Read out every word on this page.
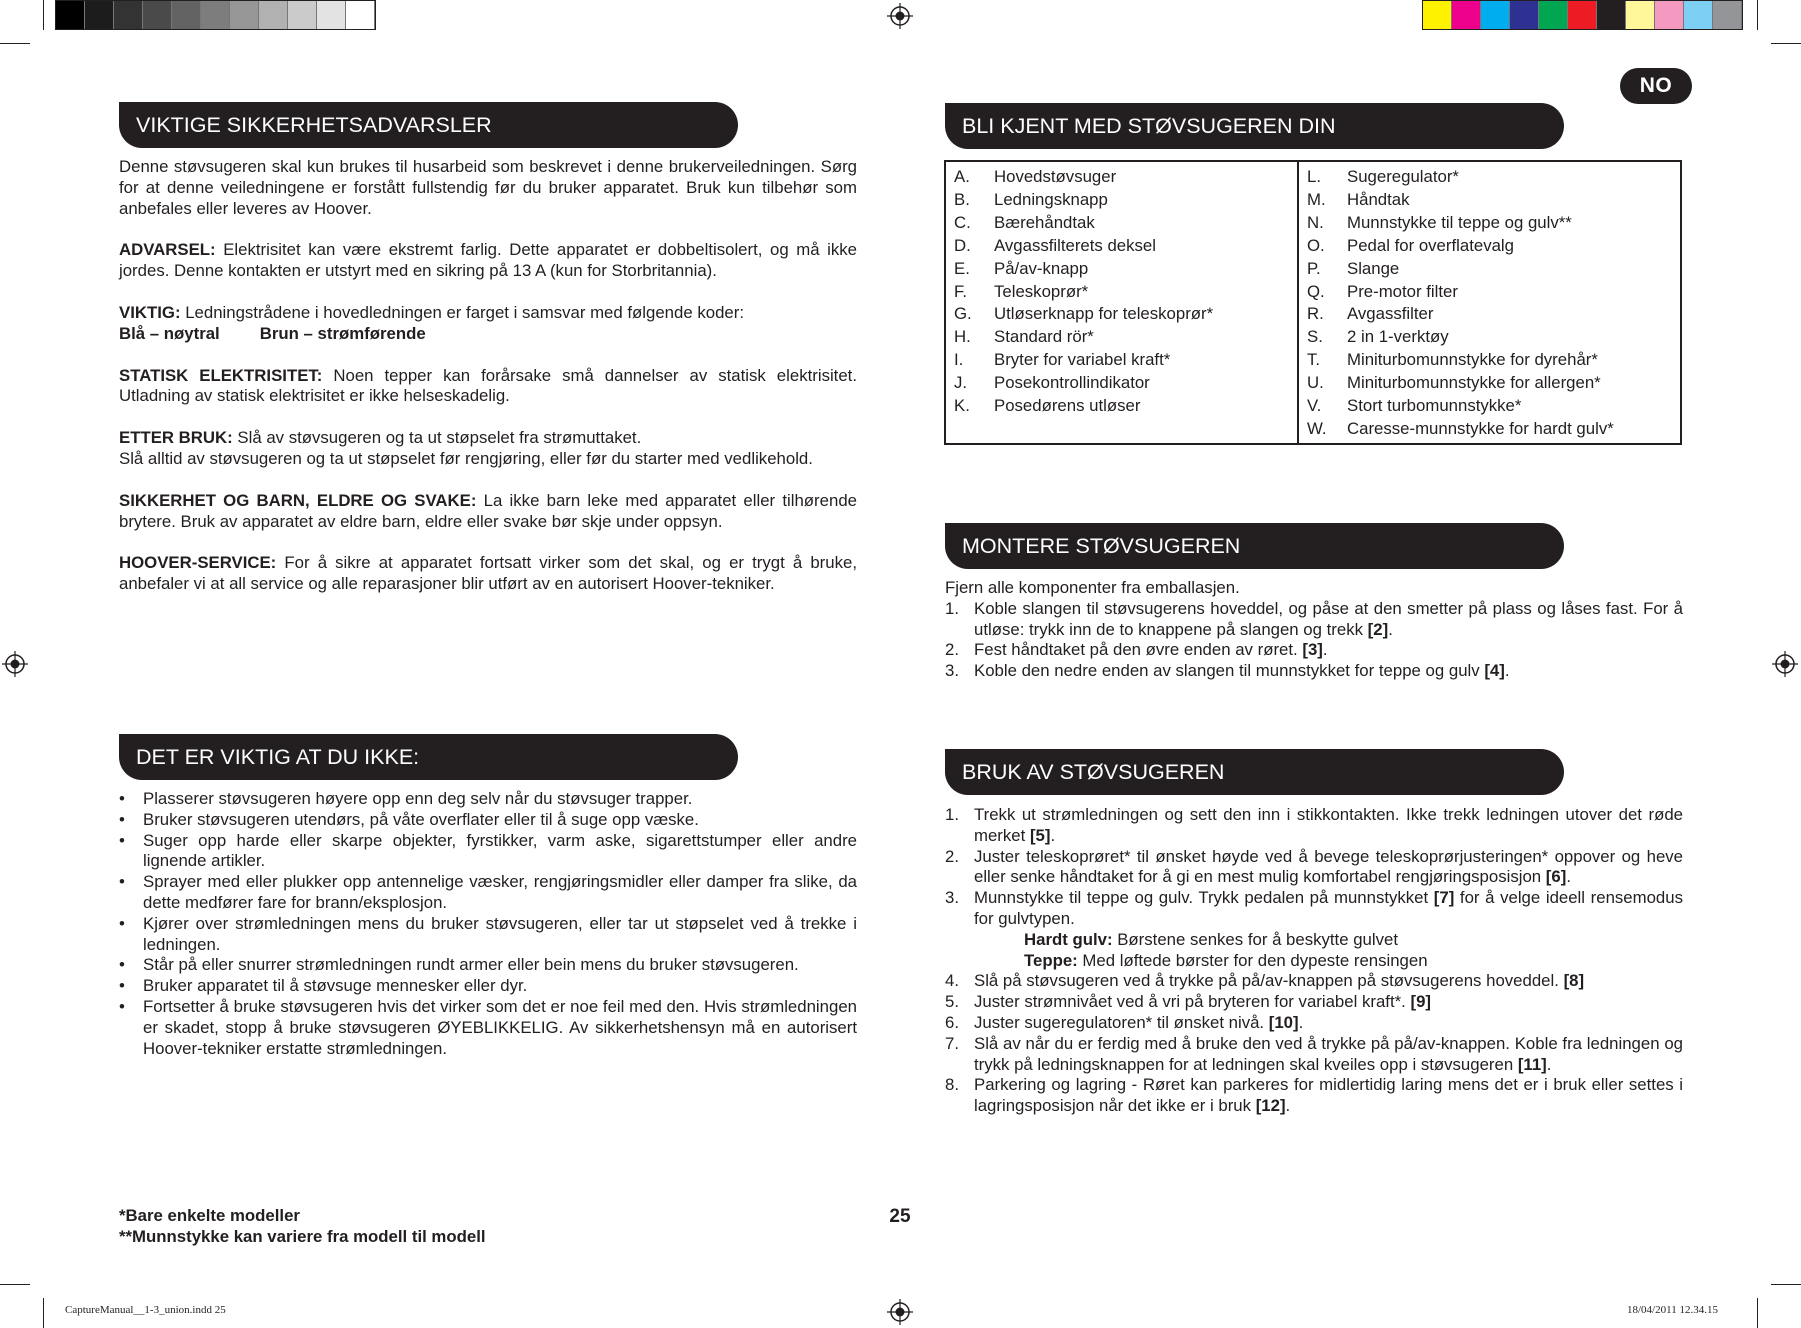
NO
VIKTIGE SIKKERHETSADVARSLER

Denne støvsugeren skal kun brukes til husarbeid som beskrevet i denne brukerveiledningen. Sørg for at denne veiledningene er forstått fullstendig før du bruker apparatet. Bruk kun tilbehør som anbefales eller leveres av Hoover.

ADVARSEL: Elektrisitet kan være ekstremt farlig. Dette apparatet er dobbeltisolert, og må ikke jordes. Denne kontakten er utstyrt med en sikring på 13 A (kun for Storbritannia).

VIKTIG: Ledningstrådene i hovedledningen er farget i samsvar med følgende koder:

Blå – nøytral Brun – strømførende

STATISK ELEKTRISITET: Noen tepper kan forårsake små dannelser av statisk elektrisitet. Utladning av statisk elektrisitet er ikke helseskadelig.

ETTER BRUK: Slå av støvsugeren og ta ut støpselet fra strømuttaket.

Slå alltid av støvsugeren og ta ut støpselet før rengjøring, eller før du starter med vedlikehold.

SIKKERHET OG BARN, ELDRE OG SVAKE: La ikke barn leke med apparatet eller tilhørende brytere. Bruk av apparatet av eldre barn, eldre eller svake bør skje under oppsyn.

HOOVER-SERVICE: For å sikre at apparatet fortsatt virker som det skal, og er trygt å bruke, anbefaler vi at all service og alle reparasjoner blir utført av en autorisert Hoover-tekniker.

DET ER VIKTIG AT DU IKKE:
• Plasserer støvsugeren høyere opp enn deg selv når du støvsuger trapper.
• Bruker støvsugeren utendørs, på våte overflater eller til å suge opp væske.
• Suger opp harde eller skarpe objekter, fyrstikker, varm aske, sigarettstumper eller andre lignende artikler.
• Sprayer med eller plukker opp antennelige væsker, rengjøringsmidler eller damper fra slike, da dette medfører fare for brann/eksplosjon.
• Kjører over strømledningen mens du bruker støvsugeren, eller tar ut støpselet ved å trekke i ledningen.
• Står på eller snurrer strømledningen rundt armer eller bein mens du bruker støvsugeren.
• Bruker apparatet til å støvsuge mennesker eller dyr.
• Fortsetter å bruke støvsugeren hvis det virker som det er noe feil med den. Hvis strømledningen er skadet, stopp å bruke støvsugeren ØYEBLIKKELIG. Av sikkerhetshensyn må en autorisert Hoover-tekniker erstatte strømledningen.
*Bare enkelte modeller
**Munnstykke kan variere fra modell til modell
25
BLI KJENT MED STØVSUGEREN DIN
A.	Hovedstøvsuger
B.	Ledningsknapp
C.	Bærehåndtak
D.	Avgassfilterets deksel
E.	På/av-knapp
F.	Teleskoprør*
G.	Utløserknapp for teleskoprør*
H.	Standard rör*
I.	Bryter for variabel kraft*
J.	Posekontrollindikator
K.	Posedørens utløser
L.	Sugeregulator*
M.	Håndtak
N.	Munnstykke til teppe og gulv**
O.	Pedal for overflatevalg
P.	Slange
Q.	Pre-motor filter
R.	Avgassfilter
S.	2 in 1-verktøy
T.	Miniturbomunnstykke for dyrehår*
U.	Miniturbomunnstykke for allergen*
V.	Stort turbomunnstykke*
W.	Caresse-munnstykke for hardt gulv*
MONTERE STØVSUGEREN

Fjern alle komponenter fra emballasjen.

1. Koble slangen til støvsugerens hoveddel, og påse at den smetter på plass og låses fast. For å utløse: trykk inn de to knappene på slangen og trekk [2].
2. Fest håndtaket på den øvre enden av røret. [3].
3. Koble den nedre enden av slangen til munnstykket for teppe og gulv [4].
BRUK AV STØVSUGEREN
1. Trekk ut strømledningen og sett den inn i stikkontakten. Ikke trekk ledningen utover det røde merket [5].
2. Juster teleskoprøret* til ønsket høyde ved å bevege teleskoprørjusteringen* oppover og heve eller senke håndtaket for å gi en mest mulig komfortabel rengjøringsposisjon [6].
3. Munnstykke til teppe og gulv. Trykk pedalen på munnstykket [7] for å velge ideell rensemodus for gulvtypen.
Hardt gulv: Børstene senkes for å beskytte gulvet
Teppe: Med løftede børster for den dypeste rensingen
4. Slå på støvsugeren ved å trykke på på/av-knappen på støvsugerens hoveddel. [8]
5. Juster strømnivået ved å vri på bryteren for variabel kraft*. [9]
6. Juster sugeregulatoren* til ønsket nivå. [10].
7. Slå av når du er ferdig med å bruke den ved å trykke på på/av-knappen. Koble fra ledningen og trykk på ledningsknappen for at ledningen skal kveiles opp i støvsugeren [11].
8. Parkering og lagring - Røret kan parkeres for midlertidig laring mens det er i bruk eller settes i lagringsposisjon når det ikke er i bruk [12].
CaptureManual__1-3_union.indd 25	18/04/2011 12.34.15
